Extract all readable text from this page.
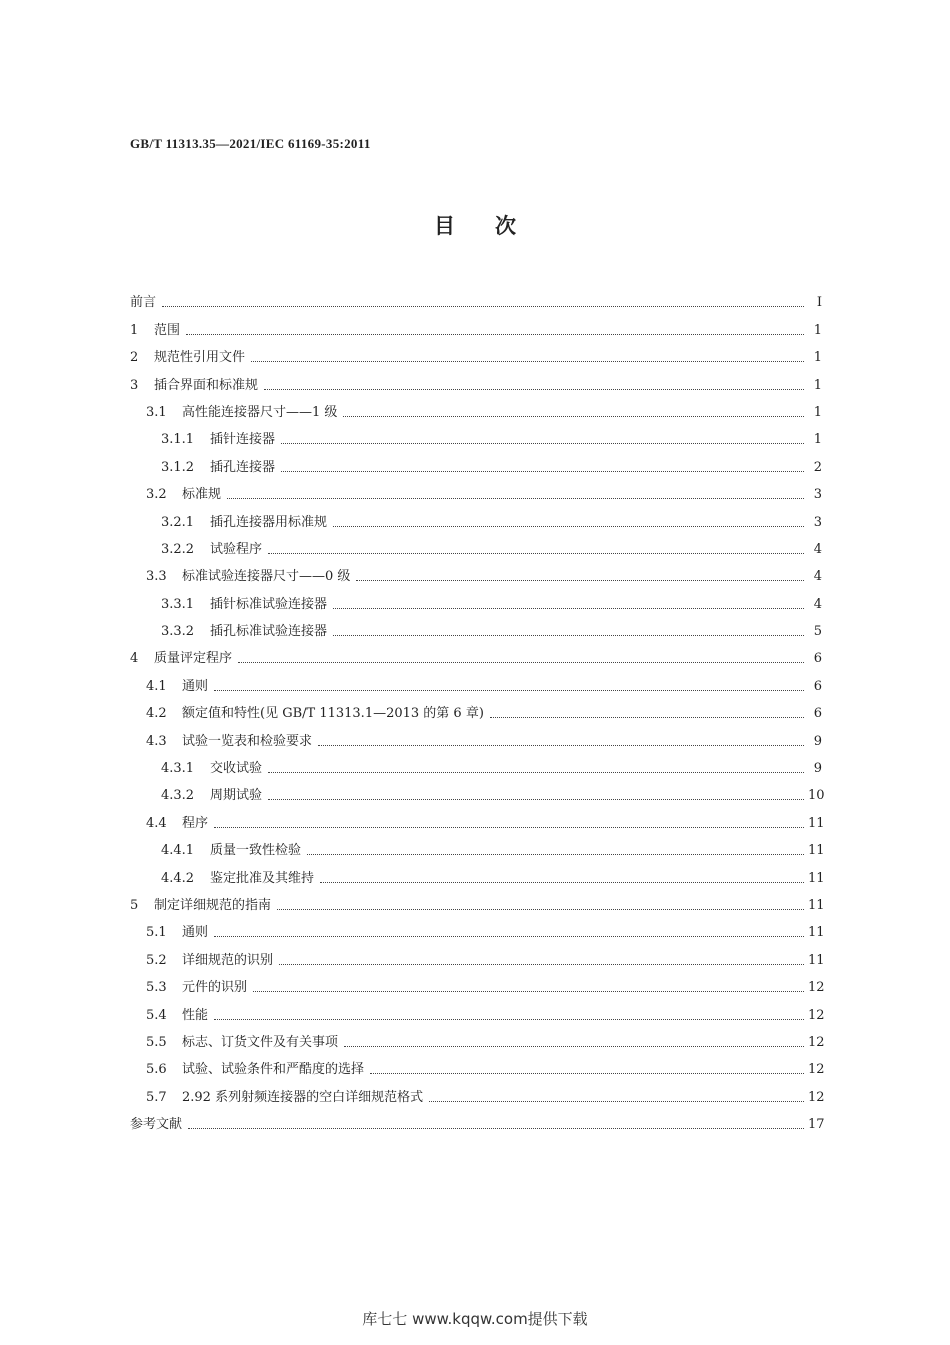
GB/T 11313.35—2021/IEC 61169-35:2011
目次
前言	I
1	范围	1
2	规范性引用文件	1
3	插合界面和标准规	1
3.1	高性能连接器尺寸——1 级	1
3.1.1	插针连接器	1
3.1.2	插孔连接器	2
3.2	标准规	3
3.2.1	插孔连接器用标准规	3
3.2.2	试验程序	4
3.3	标准试验连接器尺寸——0 级	4
3.3.1	插针标准试验连接器	4
3.3.2	插孔标准试验连接器	5
4	质量评定程序	6
4.1	通则	6
4.2	额定值和特性(见 GB/T 11313.1—2013 的第 6 章)	6
4.3	试验一览表和检验要求	9
4.3.1	交收试验	9
4.3.2	周期试验	10
4.4	程序	11
4.4.1	质量一致性检验	11
4.4.2	鉴定批准及其维持	11
5	制定详细规范的指南	11
5.1	通则	11
5.2	详细规范的识别	11
5.3	元件的识别	12
5.4	性能	12
5.5	标志、订货文件及有关事项	12
5.6	试验、试验条件和严酷度的选择	12
5.7	2.92 系列射频连接器的空白详细规范格式	12
参考文献	17
库七七 www.kqqw.com提供下载
